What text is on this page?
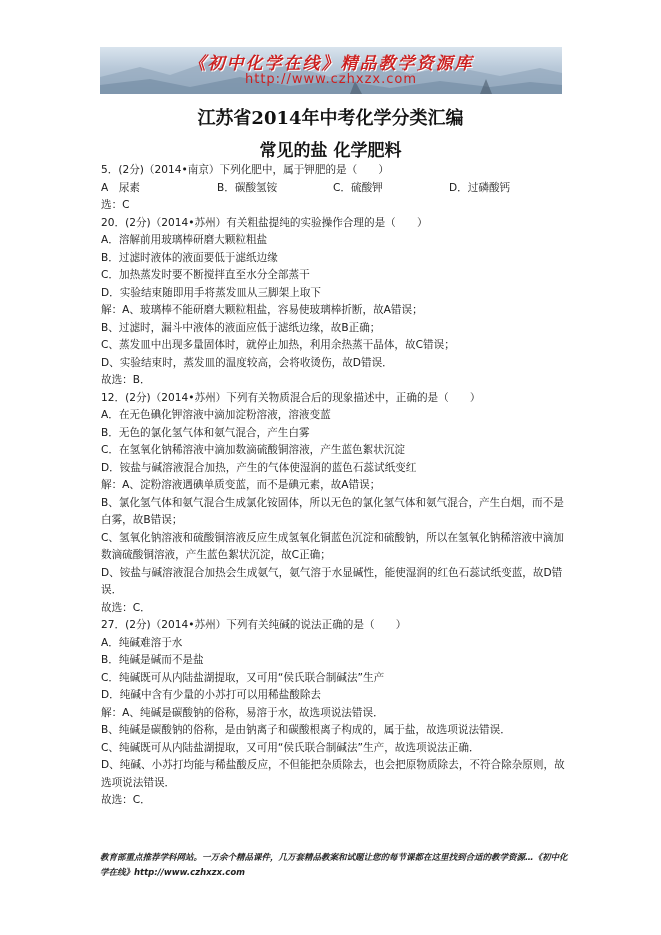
《初中化学在线》精品教学资源库
http://www.czhxzx.com
江苏省2014年中考化学分类汇编
常见的盐 化学肥料
5．(2分)（2014•南京）下列化肥中，属于钾肥的是（　　）
A　尿素	B．碳酸氢铵	C．硫酸钾	D．过磷酸钙
选：C
20．(2分)（2014•苏州）有关粗盐提纯的实验操作合理的是（　　）
A．溶解前用玻璃棒研磨大颗粒粗盐
B．过滤时液体的液面要低于滤纸边缘
C．加热蒸发时要不断搅拌直至水分全部蒸干
D．实验结束随即用手将蒸发皿从三脚架上取下
解：A、玻璃棒不能研磨大颗粒粗盐，容易使玻璃棒折断，故A错误；
B、过滤时，漏斗中液体的液面应低于滤纸边缘，故B正确；
C、蒸发皿中出现多量固体时，就停止加热，利用余热蒸干晶体，故C错误；
D、实验结束时，蒸发皿的温度较高，会将收烫伤，故D错误．
故选：B．
12．(2分)（2014•苏州）下列有关物质混合后的现象描述中，正确的是（　　）
A．在无色碘化钾溶液中滴加淀粉溶液，溶液变蓝
B．无色的氯化氢气体和氨气混合，产生白雾
C．在氢氧化钠稀溶液中滴加数滴硫酸铜溶液，产生蓝色絮状沉淀
D．铵盐与碱溶液混合加热，产生的气体使湿润的蓝色石蕊试纸变红
解：A、淀粉溶液遇碘单质变蓝，而不是碘元素，故A错误；
B、氯化氢气体和氨气混合生成氯化铵固体，所以无色的氯化氢气体和氨气混合，产生白烟，而不是白雾，故B错误；
C、氢氧化钠溶液和硫酸铜溶液反应生成氢氧化铜蓝色沉淀和硫酸钠，所以在氢氧化钠稀溶液中滴加数滴硫酸铜溶液，产生蓝色絮状沉淀，故C正确；
D、铵盐与碱溶液混合加热会生成氨气，氨气溶于水显碱性，能使湿润的红色石蕊试纸变蓝，故D错误．
故选：C．
27．(2分)（2014•苏州）下列有关纯碱的说法正确的是（　　）
A．纯碱难溶于水
B．纯碱是碱而不是盐
C．纯碱既可从内陆盐湖提取，又可用“侯氏联合制碱法”生产
D．纯碱中含有少量的小苏打可以用稀盐酸除去
解：A、纯碱是碳酸钠的俗称，易溶于水，故选项说法错误．
B、纯碱是碳酸钠的俗称，是由钠离子和碳酸根离子构成的，属于盐，故选项说法错误．
C、纯碱既可从内陆盐湖提取，又可用“侯氏联合制碱法”生产，故选项说法正确．
D、纯碱、小苏打均能与稀盐酸反应，不但能把杂质除去，也会把原物质除去，不符合除杂原则，故选项说法错误．
故选：C．
教育部重点推荐学科网站。一万余个精品课件，几万套精品教案和试题让您的每节课都在这里找到合适的教学资源…《初中化学在线》http://www.czhxzx.com
